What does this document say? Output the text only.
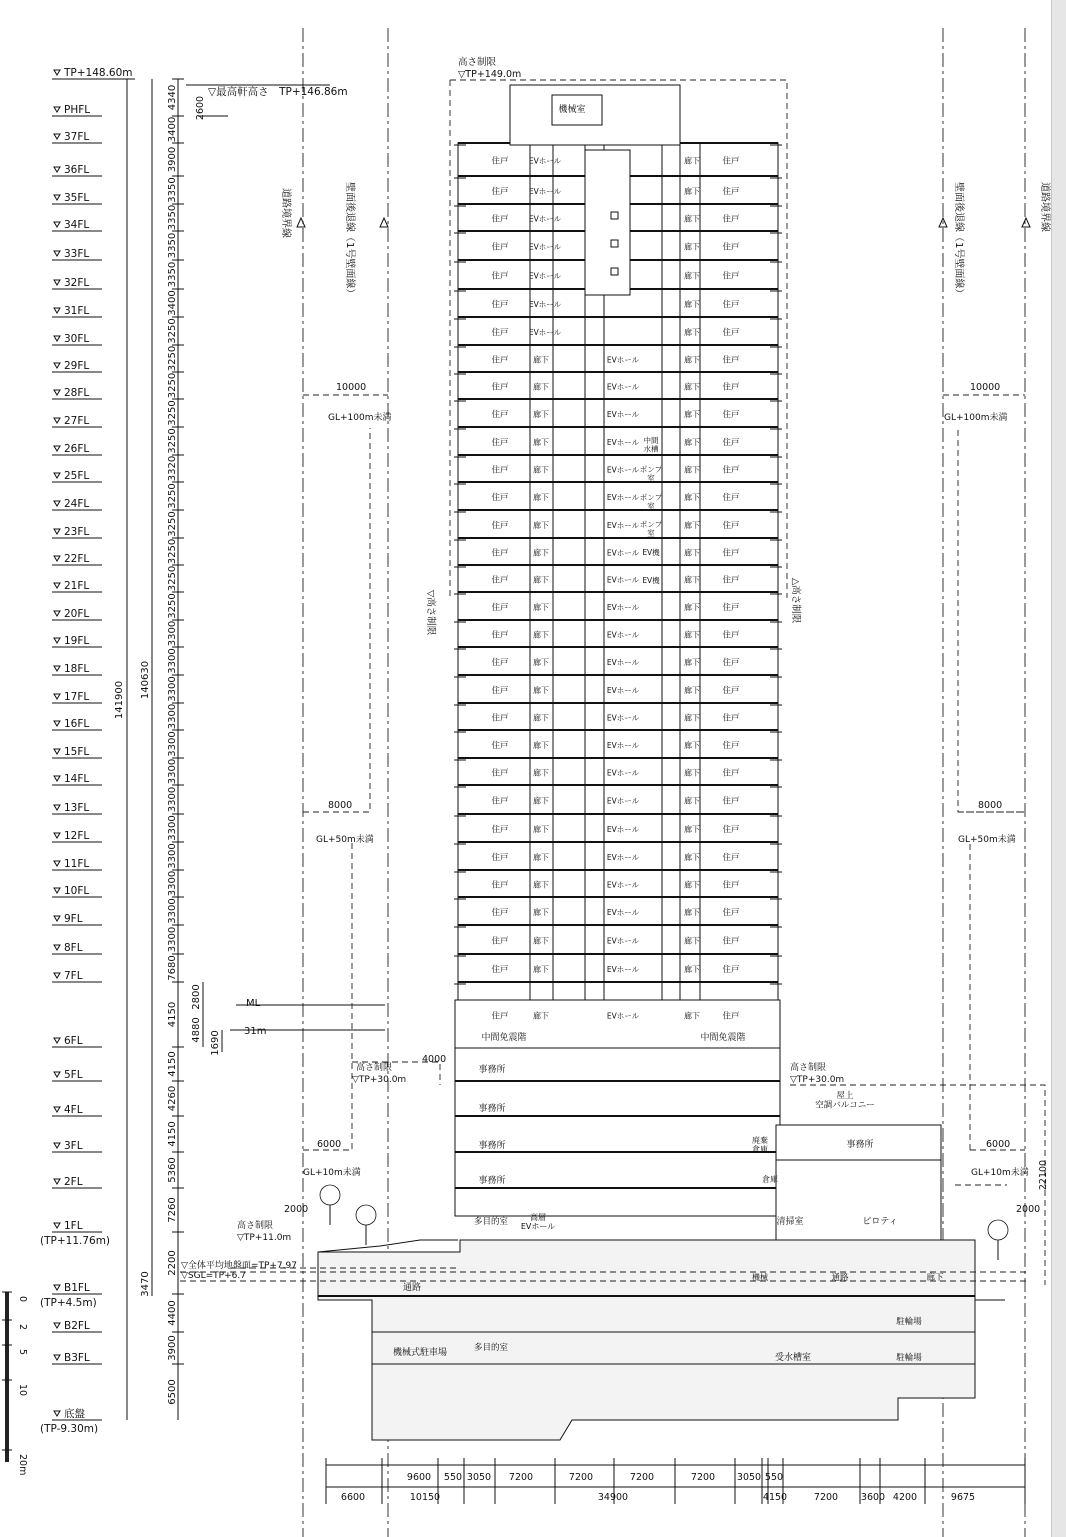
TP+148.60m
PHFL
37FL
36FL
35FL
34FL
33FL
32FL
31FL
30FL
29FL
28FL
27FL
26FL
25FL
24FL
23FL
22FL
21FL
20FL
19FL
18FL
17FL
16FL
15FL
14FL
13FL
12FL
11FL
10FL
9FL
8FL
7FL
6FL
5FL
4FL
3FL
2FL
1FL
(TP+11.76m)
B1FL
(TP+4.5m)
B2FL
B3FL
底盤
(TP-9.30m)
141900
140630
4340
3400
3900
3350
3350
3350
3350
3400
3250
3250
3250
3250
3250
3320
3250
3250
3250
3250
3250
3300
3300
3300
3300
3300
3300
3300
3300
3300
3300
3300
3300
7680
4150
4150
4260
4150
5360
7260
2200
4400
3900
6500
2800
4880
1690
3470
住戸	住戸
廊下
EVホール
住戸	住戸
廊下
EVホール
住戸	住戸
廊下
EVホール
住戸	住戸
廊下
EVホール
住戸	住戸
廊下
EVホール
住戸	住戸
廊下
EVホール
住戸	住戸
廊下
EVホール
住戸	住戸
廊下
廊下	EVホール
住戸	住戸
廊下
廊下	EVホール
住戸	住戸
廊下
廊下	EVホール
住戸	住戸
廊下
廊下	EVホール
住戸	住戸
廊下
廊下	EVホール
住戸	住戸
廊下
廊下	EVホール
住戸	住戸
廊下
廊下	EVホール
住戸	住戸
廊下
廊下	EVホール
住戸	住戸
廊下
廊下	EVホール
住戸	住戸
廊下
廊下	EVホール
住戸	住戸
廊下
廊下	EVホール
住戸	住戸
廊下
廊下	EVホール
住戸	住戸
廊下
廊下	EVホール
住戸	住戸
廊下
廊下	EVホール
住戸	住戸
廊下
廊下	EVホール
住戸	住戸
廊下
廊下	EVホール
住戸	住戸
廊下
廊下	EVホール
住戸	住戸
廊下
廊下	EVホール
住戸	住戸
廊下
廊下	EVホール
住戸	住戸
廊下
廊下	EVホール
住戸	住戸
廊下
廊下	EVホール
住戸	住戸
廊下
廊下	EVホール
住戸	住戸
廊下
廊下	EVホール
住戸	住戸
廊下
廊下	EVホール
中間水槽
ポンプ室
ポンプ室
ポンプ室
EV機
EV機
機械室
中間免震階	中間免震階
事務所
事務所
事務所
事務所
事務所
屋上空調バルコニー
廃棄倉庫
倉庫
清掃室	ピロティ
多目的室	高層 EVホール
通路
機械式駐車場	多目的室
受水槽室
駐輪場
駐輪場
通路	廊下
機械
▽最高軒高さ　TP+146.86m
2600
高さ制限
▽TP+149.0m
ML
31m
高さ制限
▽TP+30.0m
高さ制限
▽TP+30.0m
高さ制限
▽TP+11.0m
▽全体平均地盤面=TP+7.97
▽SGL=TP+6.7
▽高さ制限	△高さ制限
道路境界線	壁面後退線（1号壁面線）	壁面後退線（1号壁面線）	道路境界線
10000	10000
GL+100m未満	GL+100m未満
8000	8000
GL+50m未満	GL+50m未満
4000
6000	6000
GL+10m未満	GL+10m未満
2000	2000
22100
9600 550 3050 7200	7200	7200	7200 3050 550
6600	10150	34900	4150	7200 3600 4200	9675
0
2
5
10
20m
